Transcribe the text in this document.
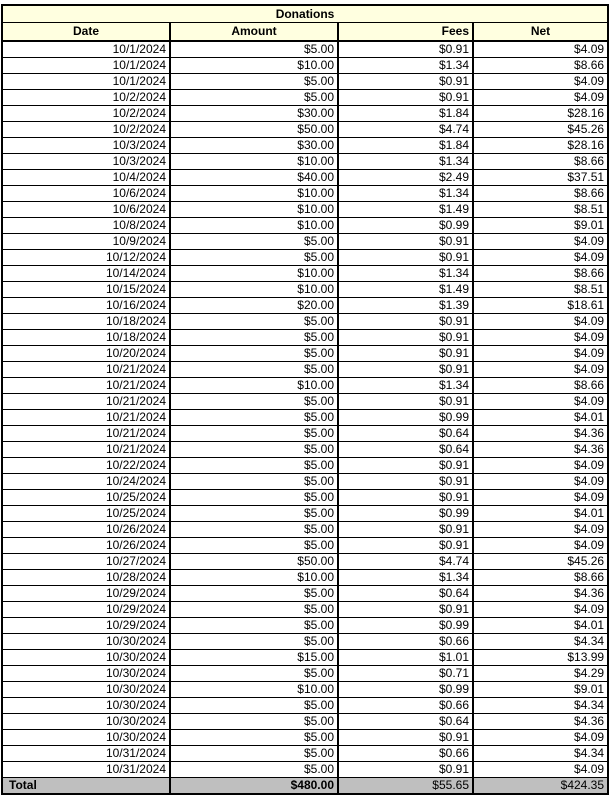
Donations			
Date	Amount	Fees	Net
10/1/2024	$5.00	$0.91	$4.09
10/1/2024	$10.00	$1.34	$8.66
10/1/2024	$5.00	$0.91	$4.09
10/2/2024	$5.00	$0.91	$4.09
10/2/2024	$30.00	$1.84	$28.16
10/2/2024	$50.00	$4.74	$45.26
10/3/2024	$30.00	$1.84	$28.16
10/3/2024	$10.00	$1.34	$8.66
10/4/2024	$40.00	$2.49	$37.51
10/6/2024	$10.00	$1.34	$8.66
10/6/2024	$10.00	$1.49	$8.51
10/8/2024	$10.00	$0.99	$9.01
10/9/2024	$5.00	$0.91	$4.09
10/12/2024	$5.00	$0.91	$4.09
10/14/2024	$10.00	$1.34	$8.66
10/15/2024	$10.00	$1.49	$8.51
10/16/2024	$20.00	$1.39	$18.61
10/18/2024	$5.00	$0.91	$4.09
10/18/2024	$5.00	$0.91	$4.09
10/20/2024	$5.00	$0.91	$4.09
10/21/2024	$5.00	$0.91	$4.09
10/21/2024	$10.00	$1.34	$8.66
10/21/2024	$5.00	$0.91	$4.09
10/21/2024	$5.00	$0.99	$4.01
10/21/2024	$5.00	$0.64	$4.36
10/21/2024	$5.00	$0.64	$4.36
10/22/2024	$5.00	$0.91	$4.09
10/24/2024	$5.00	$0.91	$4.09
10/25/2024	$5.00	$0.91	$4.09
10/25/2024	$5.00	$0.99	$4.01
10/26/2024	$5.00	$0.91	$4.09
10/26/2024	$5.00	$0.91	$4.09
10/27/2024	$50.00	$4.74	$45.26
10/28/2024	$10.00	$1.34	$8.66
10/29/2024	$5.00	$0.64	$4.36
10/29/2024	$5.00	$0.91	$4.09
10/29/2024	$5.00	$0.99	$4.01
10/30/2024	$5.00	$0.66	$4.34
10/30/2024	$15.00	$1.01	$13.99
10/30/2024	$5.00	$0.71	$4.29
10/30/2024	$10.00	$0.99	$9.01
10/30/2024	$5.00	$0.66	$4.34
10/30/2024	$5.00	$0.64	$4.36
10/30/2024	$5.00	$0.91	$4.09
10/31/2024	$5.00	$0.66	$4.34
10/31/2024	$5.00	$0.91	$4.09
Total	$480.00	$55.65	$424.35
